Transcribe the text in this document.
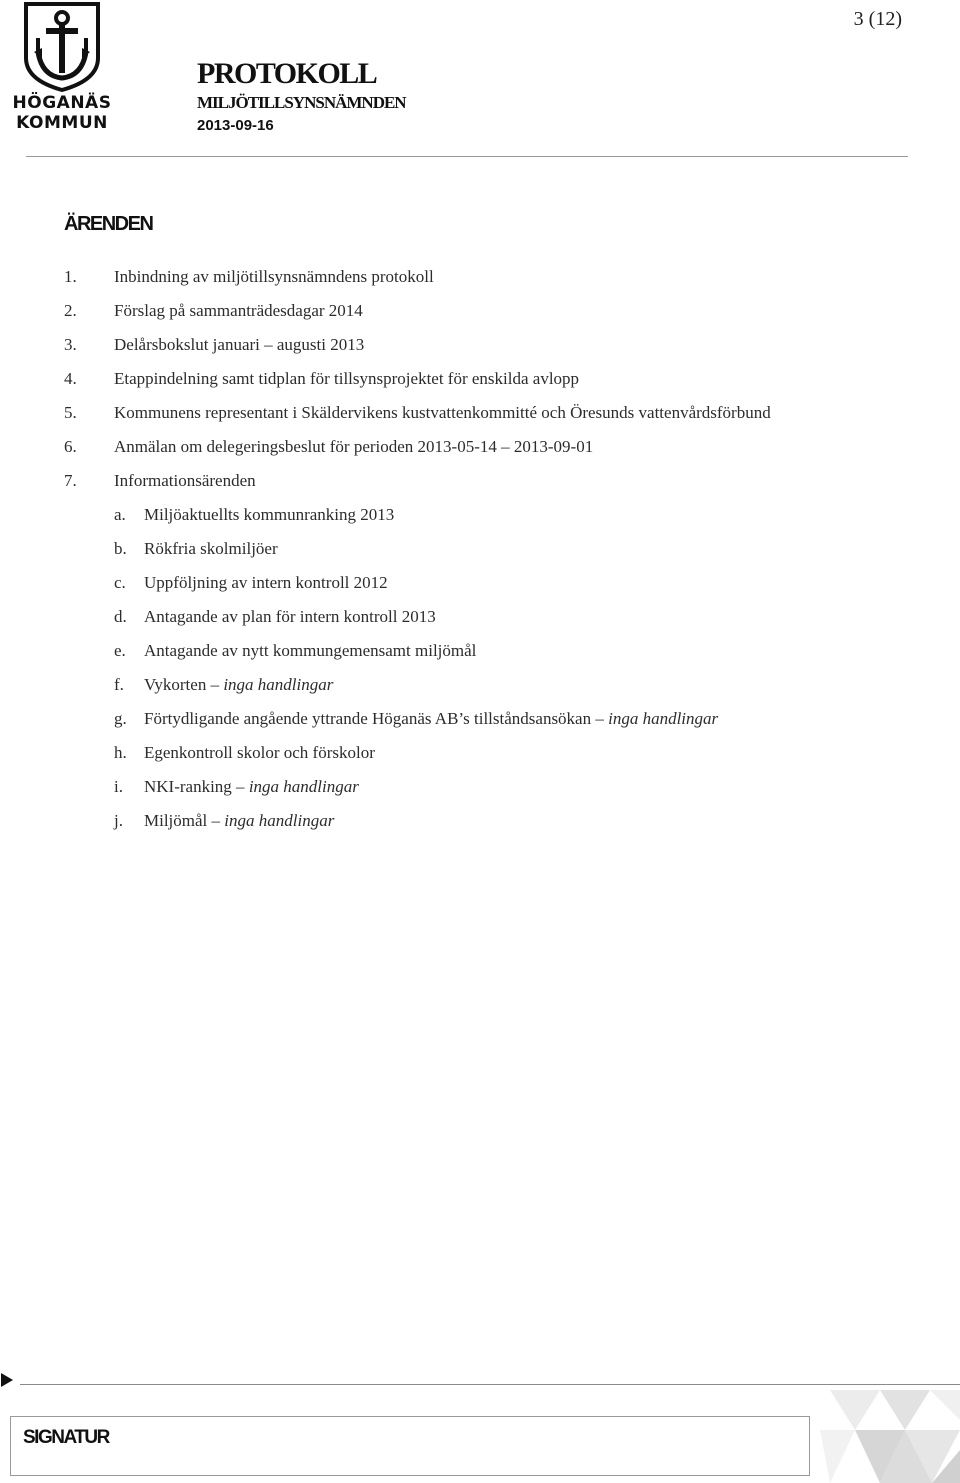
HÖGANÄS
KOMMUN
3 (12)
PROTOKOLL
MILJÖTILLSYNSNÄMNDEN
2013-09-16
ÄRENDEN
1.	Inbindning av miljötillsynsnämndens protokoll
2.	Förslag på sammanträdesdagar 2014
3.	Delårsbokslut januari – augusti 2013
4.	Etappindelning samt tidplan för tillsynsprojektet för enskilda avlopp
5.	Kommunens representant i Skäldervikens kustvattenkommitté och Öresunds vattenvårdsförbund
6.	Anmälan om delegeringsbeslut för perioden 2013-05-14 – 2013-09-01
7.	Informationsärenden
a.	Miljöaktuellts kommunranking 2013
b.	Rökfria skolmiljöer
c.	Uppföljning av intern kontroll 2012
d.	Antagande av plan för intern kontroll 2013
e.	Antagande av nytt kommungemensamt miljömål
f.	Vykorten – inga handlingar
g.	Förtydligande angående yttrande Höganäs AB’s tillståndsansökan – inga handlingar
h.	Egenkontroll skolor och förskolor
i.	NKI-ranking – inga handlingar
j.	Miljömål – inga handlingar
SIGNATUR
